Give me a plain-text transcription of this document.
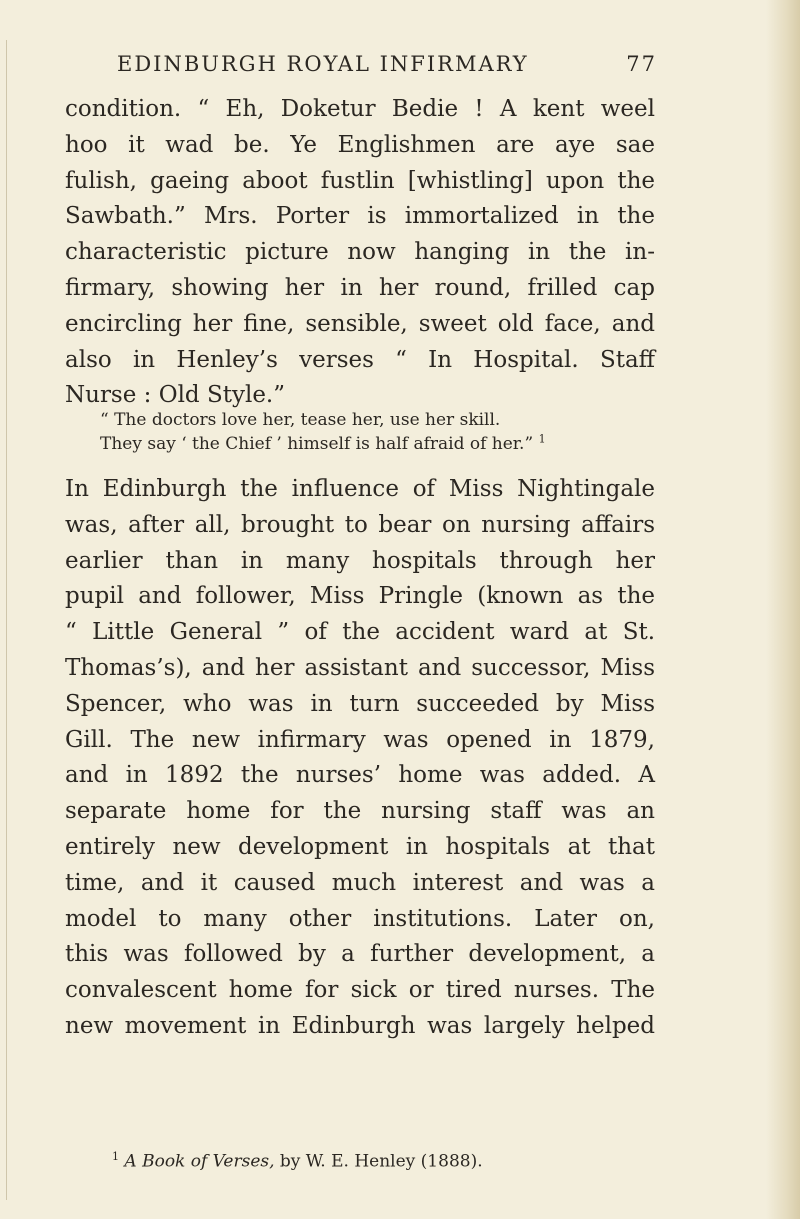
EDINBURGH ROYAL INFIRMARY	77
condition. “ Eh, Doketur Bedie ! A kent weel
hoo it wad be. Ye Englishmen are aye sae
fulish, gaeing aboot fustlin [whistling] upon the
Sawbath.” Mrs. Porter is immortalized in the
characteristic picture now hanging in the in-
firmary, showing her in her round, frilled cap
encircling her fine, sensible, sweet old face, and
also in Henley’s verses “ In Hospital. Staff
Nurse : Old Style.”
“ The doctors love her, tease her, use her skill.
They say ‘ the Chief ’ himself is half afraid of her.” $^1$
In Edinburgh the influence of Miss Nightingale
was, after all, brought to bear on nursing affairs
earlier than in many hospitals through her
pupil and follower, Miss Pringle (known as the
“ Little General ” of the accident ward at St.
Thomas’s), and her assistant and successor, Miss
Spencer, who was in turn succeeded by Miss
Gill. The new infirmary was opened in 1879,
and in 1892 the nurses’ home was added. A
separate home for the nursing staff was an
entirely new development in hospitals at that
time, and it caused much interest and was a
model to many other institutions. Later on,
this was followed by a further development, a
convalescent home for sick or tired nurses. The
new movement in Edinburgh was largely helped
$^1$ A Book of Verses, by W. E. Henley (1888).
